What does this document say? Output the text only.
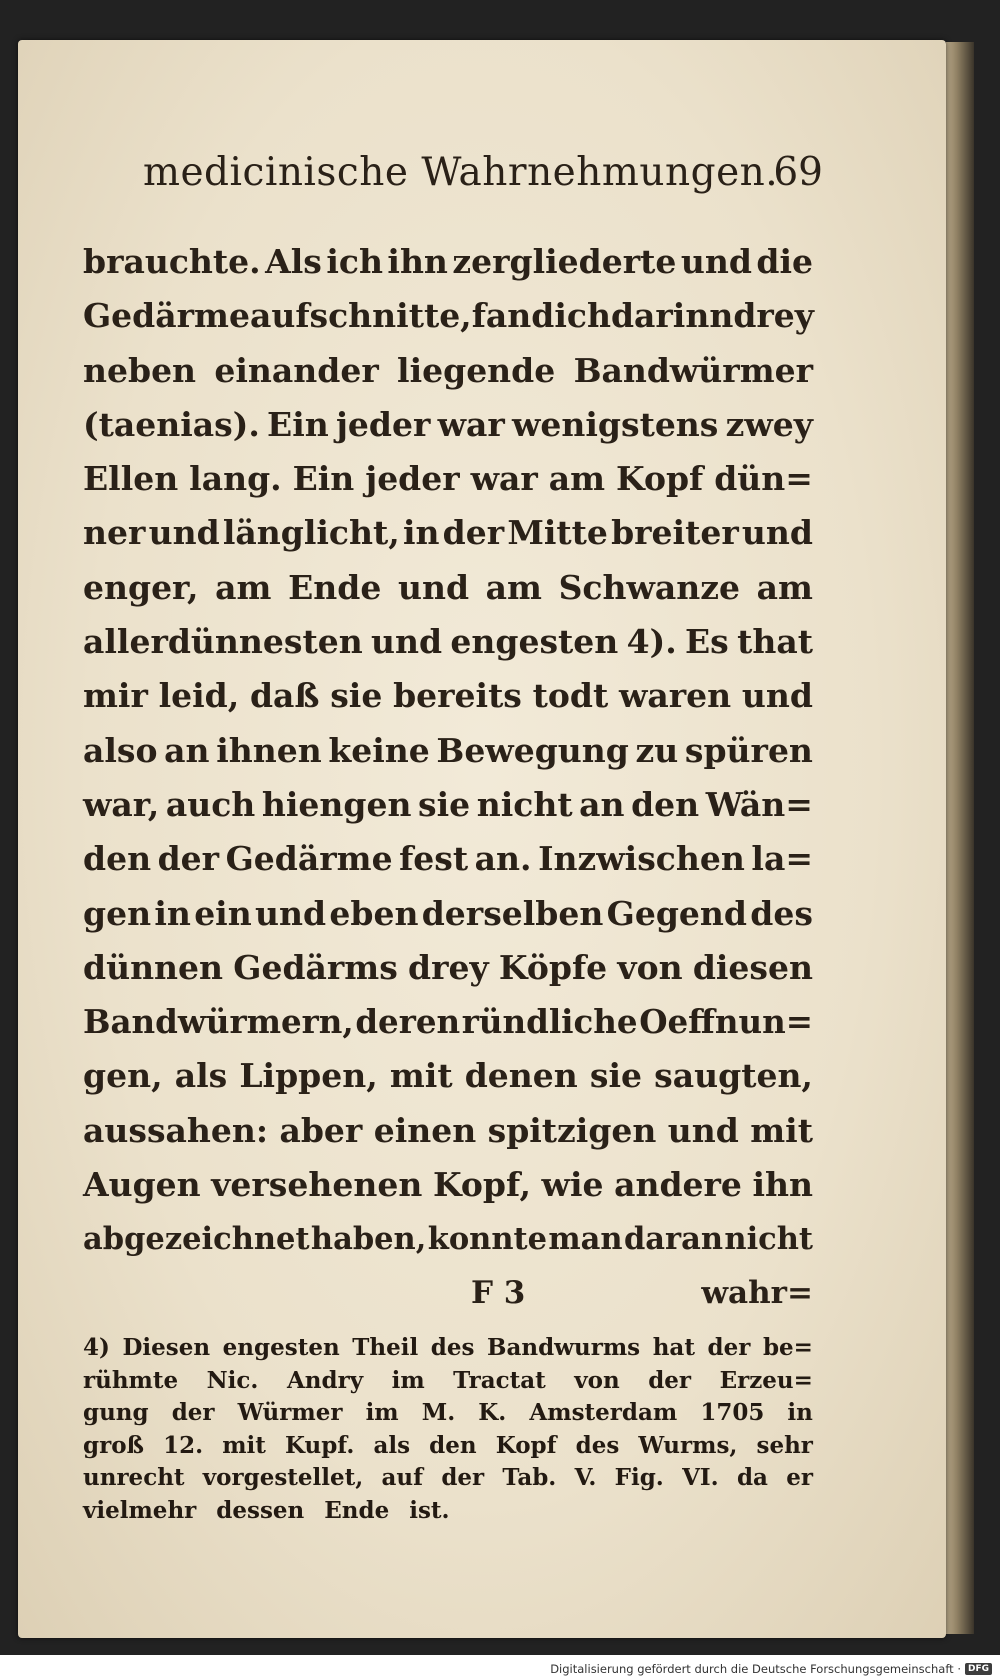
medicinische Wahrnehmungen.
69
brauchte. Als ich ihn zergliederte und die
Gedärme aufschnitte, fand ich darinn drey
neben einander liegende Bandwürmer
(taenias). Ein jeder war wenigstens zwey
Ellen lang. Ein jeder war am Kopf dün=
ner und länglicht, in der Mitte breiter und
enger, am Ende und am Schwanze am
allerdünnesten und engesten 4). Es that
mir leid, daß sie bereits todt waren und
also an ihnen keine Bewegung zu spüren
war, auch hiengen sie nicht an den Wän=
den der Gedärme fest an. Inzwischen la=
gen in ein und eben derselben Gegend des
dünnen Gedärms drey Köpfe von diesen
Bandwürmern, deren ründliche Oeffnun=
gen, als Lippen, mit denen sie saugten,
aussahen: aber einen spitzigen und mit
Augen versehenen Kopf, wie andere ihn
abgezeichnet haben, konnte man daran nicht
F 3	wahr=
4) Diesen engesten Theil des Bandwurms hat der be=
rühmte Nic. Andry im Tractat von der Erzeu=
gung der Würmer im M. K. Amsterdam 1705 in
groß 12. mit Kupf. als den Kopf des Wurms, sehr
unrecht vorgestellet, auf der Tab. V. Fig. VI. da er
vielmehr dessen Ende ist.
Digitalisierung gefördert durch die Deutsche Forschungsgemeinschaft · DFG
